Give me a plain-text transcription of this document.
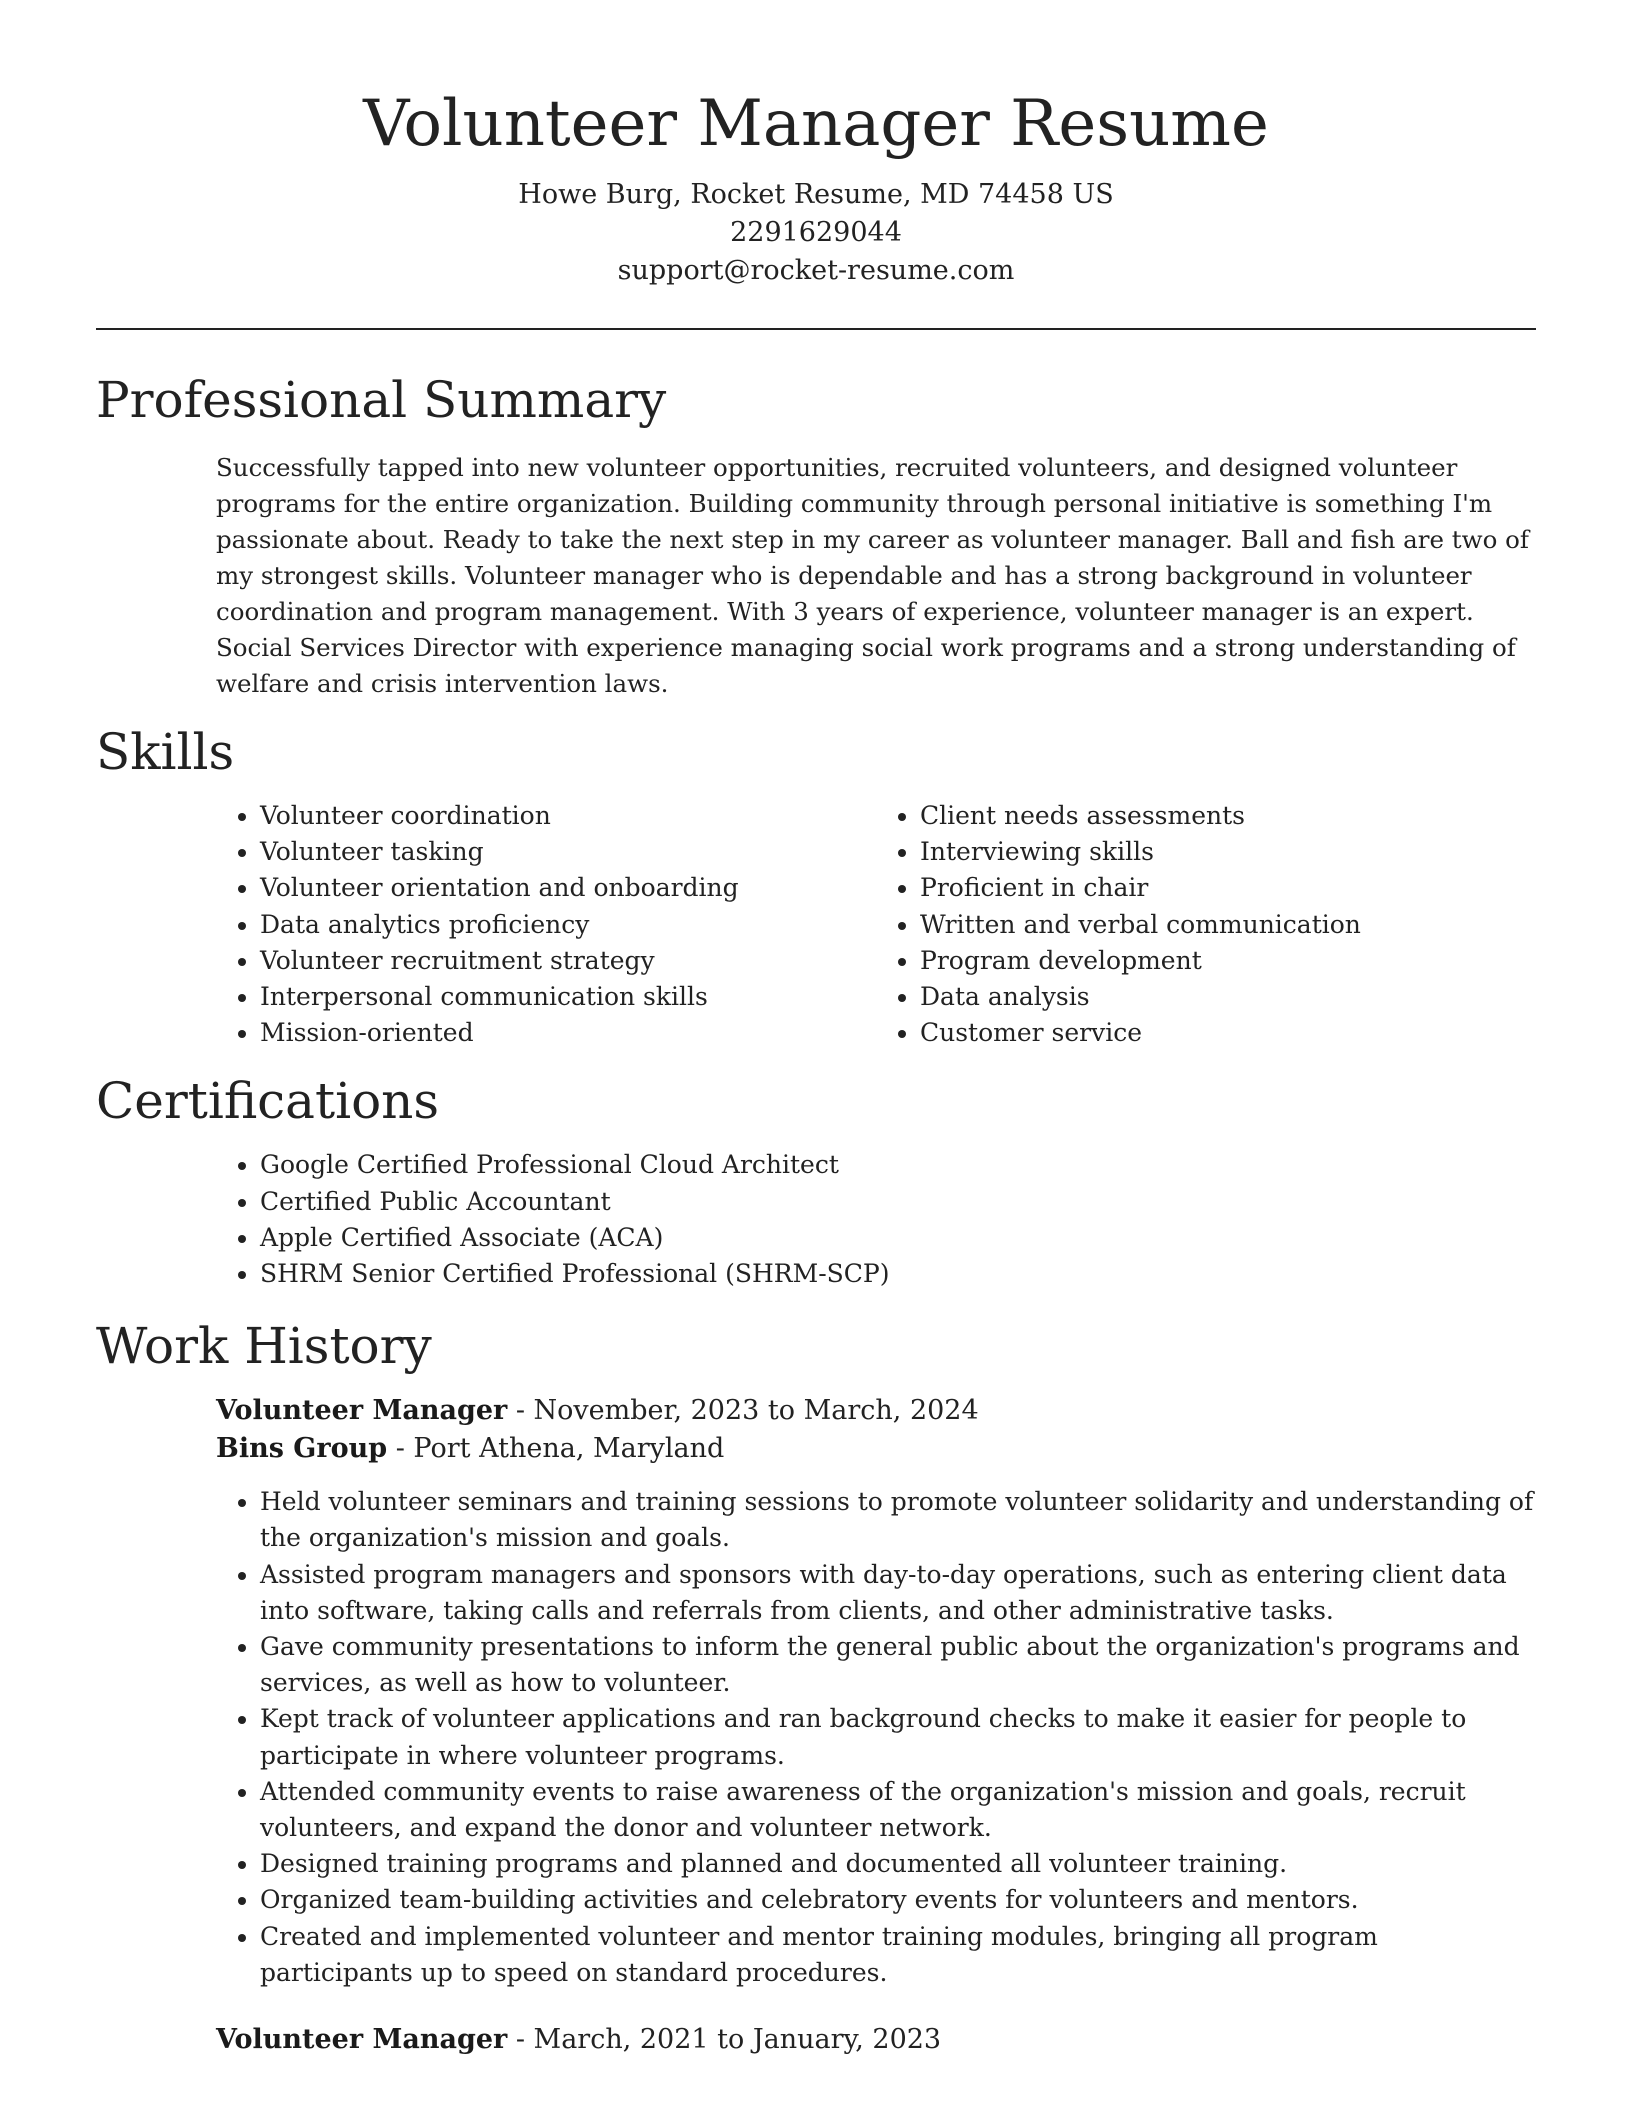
Volunteer Manager Resume
Howe Burg, Rocket Resume, MD 74458 US
2291629044
support@rocket-resume.com
Professional Summary

Successfully tapped into new volunteer opportunities, recruited volunteers, and designed volunteer programs for the entire organization. Building community through personal initiative is something I'm passionate about. Ready to take the next step in my career as volunteer manager. Ball and fish are two of my strongest skills. Volunteer manager who is dependable and has a strong background in volunteer coordination and program management. With 3 years of experience, volunteer manager is an expert. Social Services Director with experience managing social work programs and a strong understanding of welfare and crisis intervention laws.

Skills
• Volunteer coordination
• Volunteer tasking
• Volunteer orientation and onboarding
• Data analytics proficiency
• Volunteer recruitment strategy
• Interpersonal communication skills
• Mission-oriented
• Client needs assessments
• Interviewing skills
• Proficient in chair
• Written and verbal communication
• Program development
• Data analysis
• Customer service
Certifications
• Google Certified Professional Cloud Architect
• Certified Public Accountant
• Apple Certified Associate (ACA)
• SHRM Senior Certified Professional (SHRM-SCP)
Work History
Volunteer Manager - November, 2023 to March, 2024
Bins Group - Port Athena, Maryland
• Held volunteer seminars and training sessions to promote volunteer solidarity and understanding of the organization's mission and goals.
• Assisted program managers and sponsors with day-to-day operations, such as entering client data into software, taking calls and referrals from clients, and other administrative tasks.
• Gave community presentations to inform the general public about the organization's programs and services, as well as how to volunteer.
• Kept track of volunteer applications and ran background checks to make it easier for people to participate in where volunteer programs.
• Attended community events to raise awareness of the organization's mission and goals, recruit volunteers, and expand the donor and volunteer network.
• Designed training programs and planned and documented all volunteer training.
• Organized team-building activities and celebratory events for volunteers and mentors.
• Created and implemented volunteer and mentor training modules, bringing all program participants up to speed on standard procedures.
Volunteer Manager - March, 2021 to January, 2023
